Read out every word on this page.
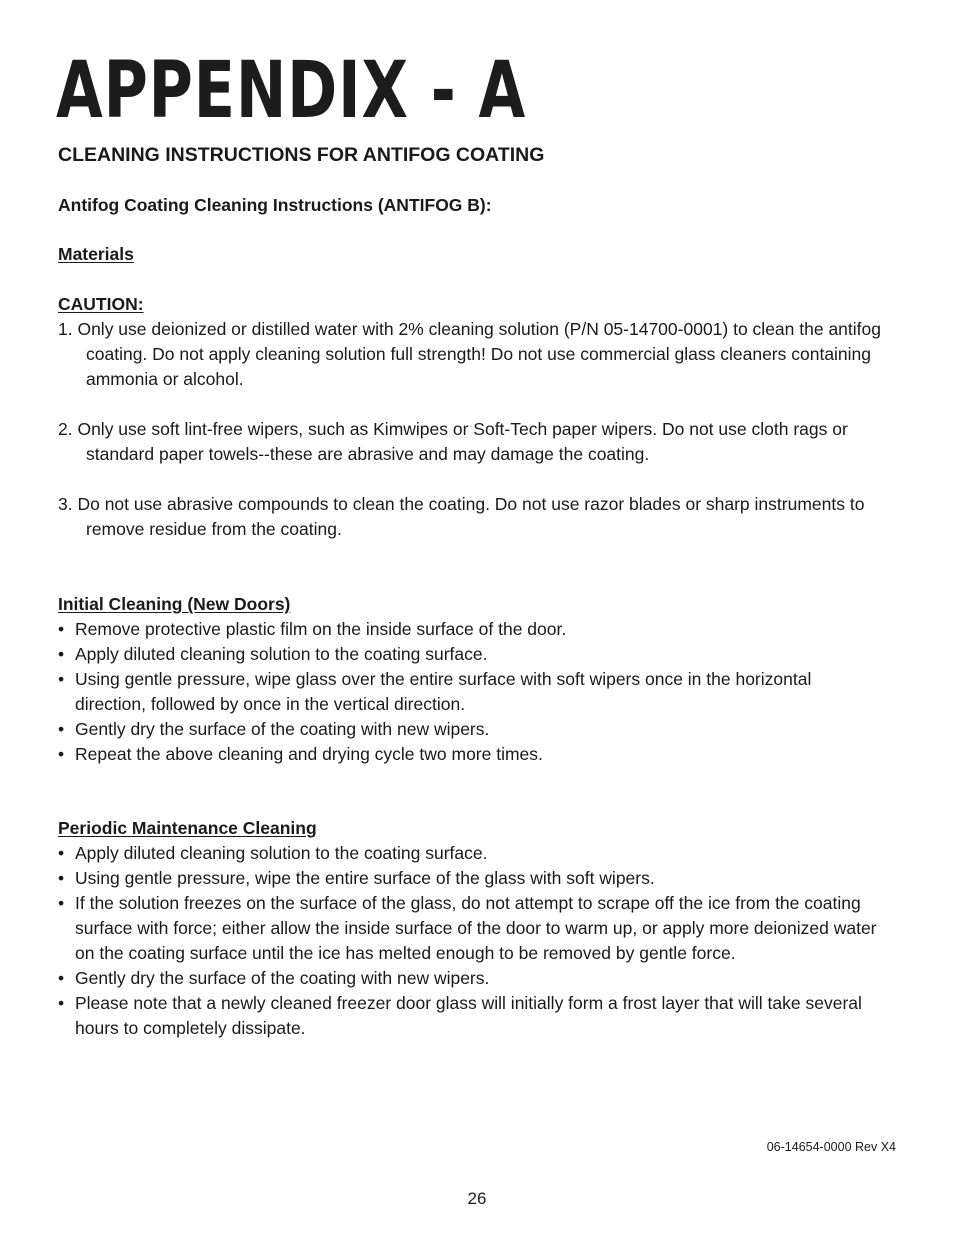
APPENDIX - A
CLEANING INSTRUCTIONS FOR ANTIFOG COATING
Antifog Coating Cleaning Instructions (ANTIFOG B):
Materials
CAUTION:
1. Only use deionized or distilled water with 2% cleaning solution (P/N 05-14700-0001) to clean the antifog coating. Do not apply cleaning solution full strength! Do not use commercial glass cleaners containing ammonia or alcohol.
2. Only use soft lint-free wipers, such as Kimwipes or Soft-Tech paper wipers. Do not use cloth rags or standard paper towels--these are abrasive and may damage the coating.
3. Do not use abrasive compounds to clean the coating. Do not use razor blades or sharp instruments to remove residue from the coating.
Initial Cleaning (New Doors)
• Remove protective plastic film on the inside surface of the door.
• Apply diluted cleaning solution to the coating surface.
• Using gentle pressure, wipe glass over the entire surface with soft wipers once in the horizontal direction, followed by once in the vertical direction.
• Gently dry the surface of the coating with new wipers.
• Repeat the above cleaning and drying cycle two more times.
Periodic Maintenance Cleaning
• Apply diluted cleaning solution to the coating surface.
• Using gentle pressure, wipe the entire surface of the glass with soft wipers.
• If the solution freezes on the surface of the glass, do not attempt to scrape off the ice from the coating surface with force; either allow the inside surface of the door to warm up, or apply more deionized water on the coating surface until the ice has melted enough to be removed by gentle force.
• Gently dry the surface of the coating with new wipers.
• Please note that a newly cleaned freezer door glass will initially form a frost layer that will take several hours to completely dissipate.
06-14654-0000 Rev X4
26
